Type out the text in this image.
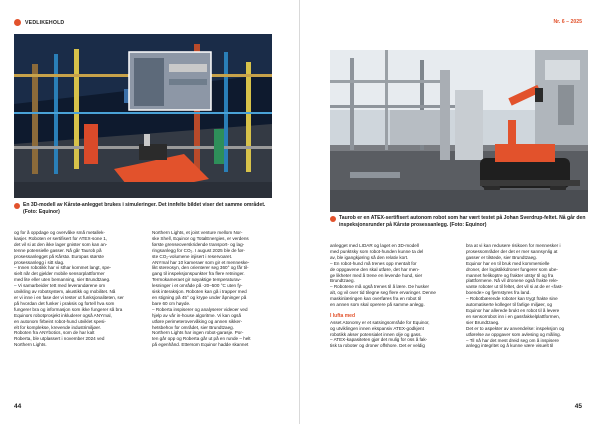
VEDLIKEHOLD
En 3D-modell av Kårstø-anlegget brukes i simuleringer. Det innfelte bildet viser det samme området. (Foto: Equinor)

og for å oppdage og overvåke små metallek-

kasjer. Roboten er sertifisert for ATEX-sone 1,

det vil si at den ikke lager gnister som kan an-

tenne potensielle gasser. Nå går Taurob på

prosessanlegget på Kårstø. Europas største

prosessanlegg i sitt slag.

– Innen robotikk har vi sthar kommet langt, spe-

sielt når det gjelder mobile sensorplattformer

med lite eller uten bemanning, sier Brundtzaeg.

– Vi samarbeider tett med leverandørene om

utvikling av robotsystem, akustikk og mobilitet. Nå

er vi inne i en fase der vi tester ut funksjonaliteten, ser

på hvordan det funker i praksis og fortell hva som

fungerer bra og informasjon som ikke fungerer så bra

Equinors robotprosjekt inkluderer også ANYmal,

en autonom firbeint robot-hund utviklet spesi-

elt for komplekse, krevende industrimiljøer.

Roboten fra ANYbotics, som de har kalt

Roberta, ble utplassert i november 2024 ved

Northern Lights.

Northern Lights, et joint venture mellom Nor-

ske Shell, Equinor og TotalEnergies, er verdens

første grenseoverskridende transport- og lag-

ringsanlegg for CO₂. I august 2025 ble de før-

ste CO₂-volumene injisert i reservoaret.

ANYmal har 10 kameraer som gir et menneske-

likt stereosyn, den orienterer seg 360° og får til-

gang til inspeksjonspunkter fra flere retninger.

Termokameraet gir nøyaktige temperaturav-

lesninger i et område på -20–500 °C uten fy-

sisk interaksjon. Roboten kan gå i trapper med

en stigning på 45° og krype under åpninger på

bare 60 cm høyde.

– Roberta inspiserer og analyserer videoer ved

hjelp av vår in-house algoritme. Vi kan også

utføre perimeterovervåking og annen sikker-

hetsbehov for området, sier Brundtzaeg.

Northern Lights har ingen robot-garasje. Por-

ten går opp og Roberta går ut på en runde – helt

på egenhånd. Ettersom Equinor hadde skannet

44
Nr. 6 – 2025
Taurob er en ATEX-sertifisert autonom robot som har vært testet på Johan Sverdrup-feltet. Nå går den inspeksjonsrunder på Kårstø prosessanlegg. (Foto: Equinor)

anlegget med LIDAR og laget en 3D-modell

med punktsky som robot-hunden kunne ta del

av, ble igangkjøring så den relativ kort.

– En robot-hund må trenes opp mentalt for

de oppgavene den skal utføre, det har men-

ge likheter med å trene en levende hund, sier

Brundtzaeg.

– Robotene må også trenes til å lære. De husker

alt, og vil over tid tilegne seg flere ervaringer. Denne

maskinlæringen kan overføres fra en robot til

en annen som skal operere på samme anlegg.

I lufta med

Asset Atonomy er et satsingsområde for Equinor,

og utviklingen innen ekspansiv ATEX-godkjent

robotikk akser potensialet innen olje og gass.

– ATEX-kapasiteten gjør det mulig for oss å fak-

tisk ta roboter og droner offshore. Det er veldig

bra at vi kan redusere risikoen for mennesker i

prosessområder der det er mer sannsynlig at

gasser er tilstede, sier Brundtzaeg.

Equinor har en til bruk med kommersielle

droner, der logistikkdroner fungerer som ube-

mannet helikoptre og frakter utstyr til og fra

plattformene. Nå vil dronene også frakte rele-

vante roboter ut til feltet, det vil si at de er «fast-

boende» og fjernstyres fra land.

– Robotbærende roboter kan trygt frakte sine

automatiserte kolleger til farlige miljøer, og

Equinor har allerede brukt en robot til å levere

en sensorrobot inn i en gassfakkelplattformen,

sier Brundtzaeg.

Det er to aspekter av anvendelse: inspeksjon og

utførelse av oppgaver som avlesing og måling.

– Til nå har det mest dreid seg om å inspisere

anlegg integritet og å kunne være visuelt til

45
